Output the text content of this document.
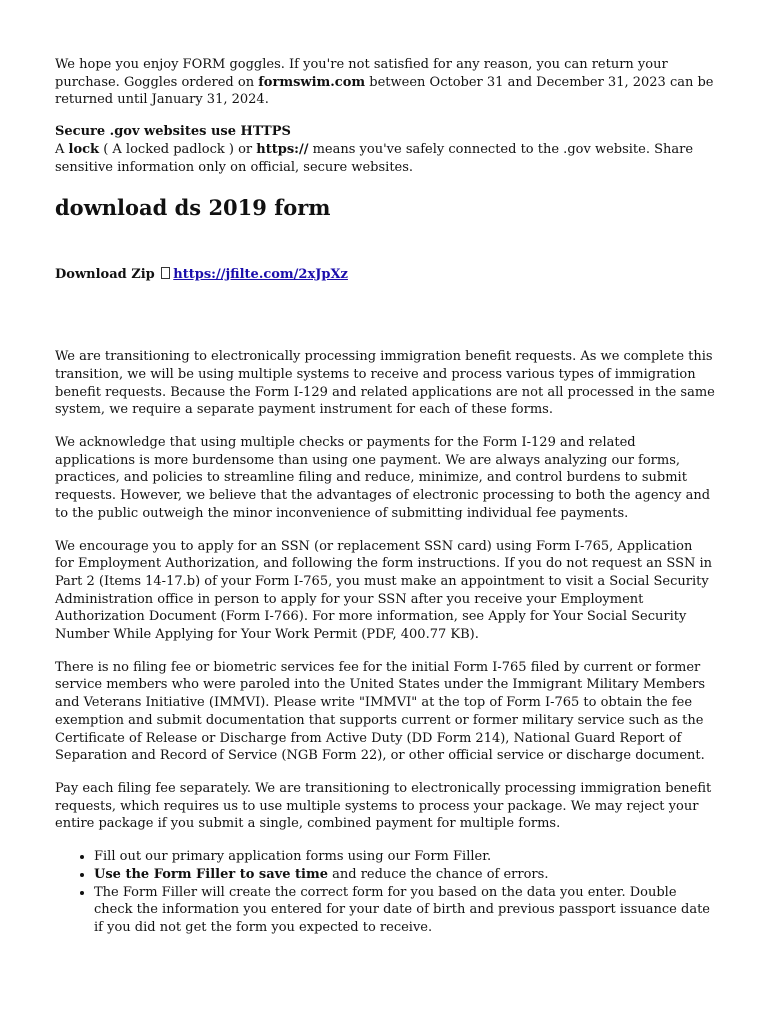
We hope you enjoy FORM goggles. If you're not satisfied for any reason, you can return your purchase. Goggles ordered on formswim.com between October 31 and December 31, 2023 can be returned until January 31, 2024.

Secure .gov websites use HTTPS

A lock ( A locked padlock ) or https:// means you've safely connected to the .gov website. Share sensitive information only on official, secure websites.

download ds 2019 form
Download Zip https://jfilte.com/2xJpXz

We are transitioning to electronically processing immigration benefit requests. As we complete this transition, we will be using multiple systems to receive and process various types of immigration benefit requests. Because the Form I-129 and related applications are not all processed in the same system, we require a separate payment instrument for each of these forms.

We acknowledge that using multiple checks or payments for the Form I-129 and related applications is more burdensome than using one payment. We are always analyzing our forms, practices, and policies to streamline filing and reduce, minimize, and control burdens to submit requests. However, we believe that the advantages of electronic processing to both the agency and to the public outweigh the minor inconvenience of submitting individual fee payments.

We encourage you to apply for an SSN (or replacement SSN card) using Form I-765, Application for Employment Authorization, and following the form instructions. If you do not request an SSN in Part 2 (Items 14-17.b) of your Form I-765, you must make an appointment to visit a Social Security Administration office in person to apply for your SSN after you receive your Employment Authorization Document (Form I-766). For more information, see Apply for Your Social Security Number While Applying for Your Work Permit (PDF, 400.77 KB).

There is no filing fee or biometric services fee for the initial Form I-765 filed by current or former service members who were paroled into the United States under the Immigrant Military Members and Veterans Initiative (IMMVI). Please write "IMMVI" at the top of Form I-765 to obtain the fee exemption and submit documentation that supports current or former military service such as the Certificate of Release or Discharge from Active Duty (DD Form 214), National Guard Report of Separation and Record of Service (NGB Form 22), or other official service or discharge document.

Pay each filing fee separately. We are transitioning to electronically processing immigration benefit requests, which requires us to use multiple systems to process your package. We may reject your entire package if you submit a single, combined payment for multiple forms.

• Fill out our primary application forms using our Form Filler.
• Use the Form Filler to save time and reduce the chance of errors.
• The Form Filler will create the correct form for you based on the data you enter. Double check the information you entered for your date of birth and previous passport issuance date if you did not get the form you expected to receive.
